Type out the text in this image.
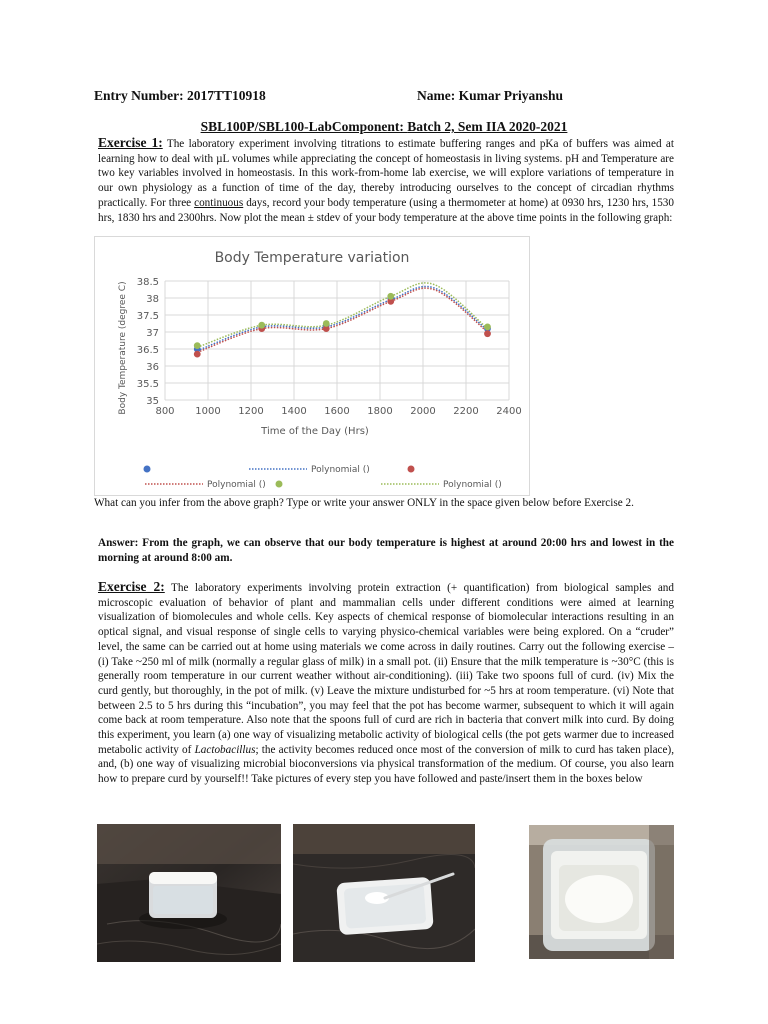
Entry Number: 2017TT10918	Name: Kumar Priyanshu
SBL100P/SBL100-LabComponent: Batch 2, Sem IIA 2020-2021

Exercise 1: The laboratory experiment involving titrations to estimate buffering ranges and pKa of buffers was aimed at learning how to deal with µL volumes while appreciating the concept of homeostasis in living systems. pH and Temperature are two key variables involved in homeostasis. In this work-from-home lab exercise, we will explore variations of temperature in our own physiology as a function of time of the day, thereby introducing ourselves to the concept of circadian rhythms practically. For three continuous days, record your body temperature (using a thermometer at home) at 0930 hrs, 1230 hrs, 1530 hrs, 1830 hrs and 2300hrs. Now plot the mean ± stdev of your body temperature at the above time points in the following graph:

Body Temperature variation
35
35.5
36
36.5
37
37.5
38
38.5
800 1000 1200 1400 1600 1800 2000 2200 2400
Time of the Day (Hrs)
Body Temperature (degree C)
Polynomial ()
Polynomial ()	Polynomial ()

What can you infer from the above graph? Type or write your answer ONLY in the space given below before Exercise 2.

Answer: From the graph, we can observe that our body temperature is highest at around 20:00 hrs and lowest in the morning at around 8:00 am.

Exercise 2: The laboratory experiments involving protein extraction (+ quantification) from biological samples and microscopic evaluation of behavior of plant and mammalian cells under different conditions were aimed at learning visualization of biomolecules and whole cells. Key aspects of chemical response of biomolecular interactions resulting in an optical signal, and visual response of single cells to varying physico-chemical variables were being explored. On a “cruder” level, the same can be carried out at home using materials we come across in daily routines. Carry out the following exercise – (i) Take ~250 ml of milk (normally a regular glass of milk) in a small pot. (ii) Ensure that the milk temperature is ~30°C (this is generally room temperature in our current weather without air-conditioning). (iii) Take two spoons full of curd. (iv) Mix the curd gently, but thoroughly, in the pot of milk. (v) Leave the mixture undisturbed for ~5 hrs at room temperature. (vi) Note that between 2.5 to 5 hrs during this “incubation”, you may feel that the pot has become warmer, subsequent to which it will again come back at room temperature. Also note that the spoons full of curd are rich in bacteria that convert milk into curd. By doing this experiment, you learn (a) one way of visualizing metabolic activity of biological cells (the pot gets warmer due to increased metabolic activity of Lactobacillus; the activity becomes reduced once most of the conversion of milk to curd has taken place), and, (b) one way of visualizing microbial bioconversions via physical transformation of the medium. Of course, you also learn how to prepare curd by yourself!! Take pictures of every step you have followed and paste/insert them in the boxes below
